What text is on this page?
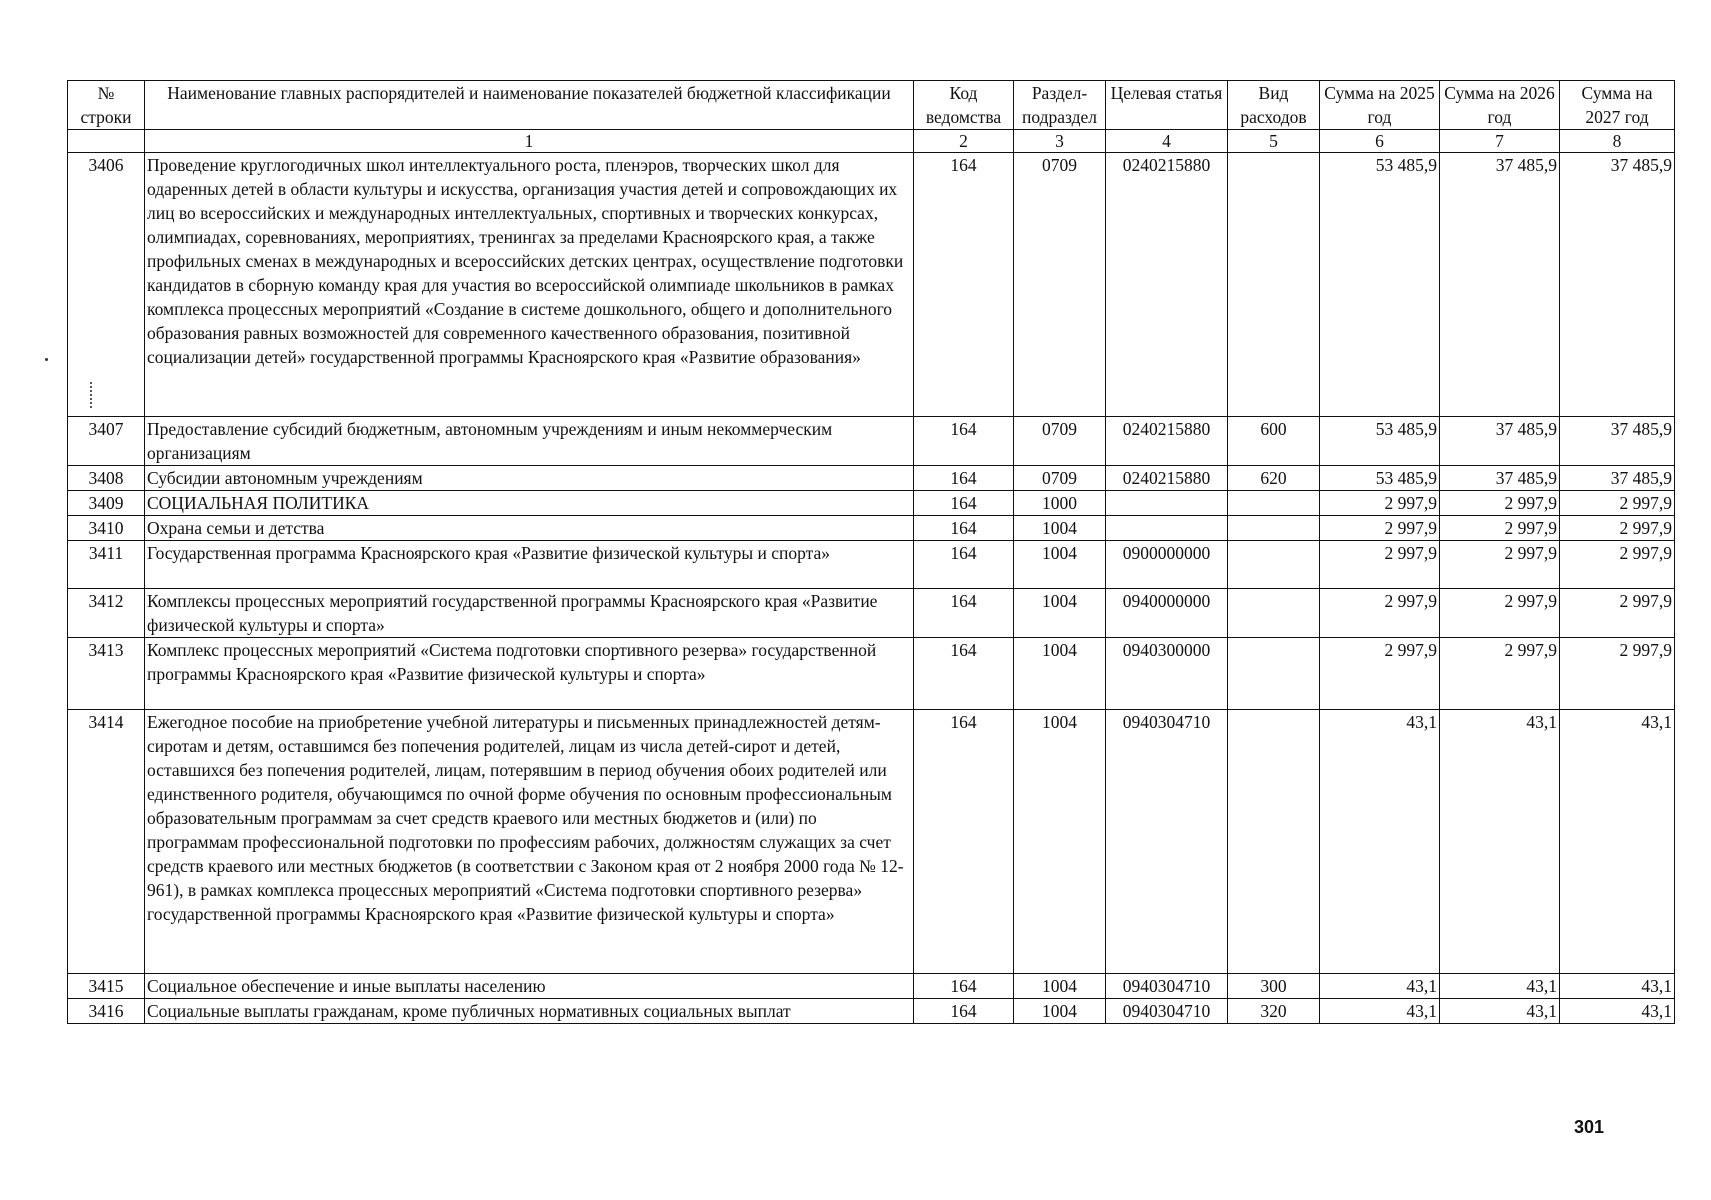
№ строки	Наименование главных распорядителей и наименование показателей бюджетной классификации	Код ведомства	Раздел-подраздел	Целевая статья	Вид расходов	Сумма на 2025 год	Сумма на 2026 год	Сумма на 2027 год
	1	2	3	4	5	6	7	8
3406	Проведение круглогодичных школ интеллектуального роста, пленэров, творческих школ для одаренных детей в области культуры и искусства, организация участия детей и сопровождающих их лиц во всероссийских и международных интеллектуальных, спортивных и творческих конкурсах, олимпиадах, соревнованиях, мероприятиях, тренингах за пределами Красноярского края, а также профильных сменах в международных и всероссийских детских центрах, осуществление подготовки кандидатов в сборную команду края для участия во всероссийской олимпиаде школьников в рамках комплекса процессных мероприятий «Создание в системе дошкольного, общего и дополнительного образования равных возможностей для современного качественного образования, позитивной социализации детей» государственной программы Красноярского края «Развитие образования»	164	0709	0240215880		53 485,9	37 485,9	37 485,9
3407	Предоставление субсидий бюджетным, автономным учреждениям и иным некоммерческим организациям	164	0709	0240215880	600	53 485,9	37 485,9	37 485,9
3408	Субсидии автономным учреждениям	164	0709	0240215880	620	53 485,9	37 485,9	37 485,9
3409	СОЦИАЛЬНАЯ ПОЛИТИКА	164	1000			2 997,9	2 997,9	2 997,9
3410	Охрана семьи и детства	164	1004			2 997,9	2 997,9	2 997,9
3411	Государственная программа Красноярского края «Развитие физической культуры и спорта»	164	1004	0900000000		2 997,9	2 997,9	2 997,9
3412	Комплексы процессных мероприятий государственной программы Красноярского края «Развитие физической культуры и спорта»	164	1004	0940000000		2 997,9	2 997,9	2 997,9
3413	Комплекс процессных мероприятий «Система подготовки спортивного резерва» государственной программы Красноярского края «Развитие физической культуры и спорта»	164	1004	0940300000		2 997,9	2 997,9	2 997,9
3414	Ежегодное пособие на приобретение учебной литературы и письменных принадлежностей детям-сиротам и детям, оставшимся без попечения родителей, лицам из числа детей-сирот и детей, оставшихся без попечения родителей, лицам, потерявшим в период обучения обоих родителей или единственного родителя, обучающимся по очной форме обучения по основным профессиональным образовательным программам за счет средств краевого или местных бюджетов и (или) по программам профессиональной подготовки по профессиям рабочих, должностям служащих за счет средств краевого или местных бюджетов (в соответствии с Законом края от 2 ноября 2000 года № 12-961), в рамках комплекса процессных мероприятий «Система подготовки спортивного резерва» государственной программы Красноярского края «Развитие физической культуры и спорта»	164	1004	0940304710		43,1	43,1	43,1
3415	Социальное обеспечение и иные выплаты населению	164	1004	0940304710	300	43,1	43,1	43,1
3416	Социальные выплаты гражданам, кроме публичных нормативных социальных выплат	164	1004	0940304710	320	43,1	43,1	43,1
301
